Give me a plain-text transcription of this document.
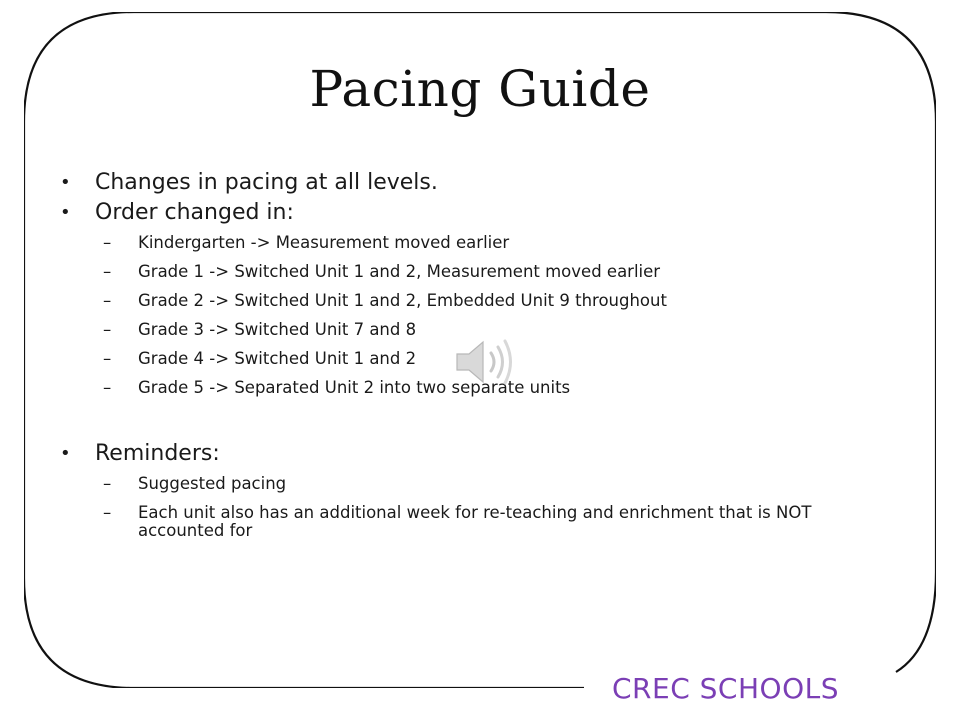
Pacing Guide

• Changes in pacing at all levels.

• Order changed in:

– Kindergarten -> Measurement moved earlier

– Grade 1 -> Switched Unit 1 and 2, Measurement moved earlier

– Grade 2 -> Switched Unit 1 and 2, Embedded Unit 9 throughout

– Grade 3 -> Switched Unit 7 and 8

– Grade 4 -> Switched Unit 1 and 2

– Grade 5 -> Separated Unit 2 into two separate units

• Reminders:

– Suggested pacing

– Each unit also has an additional week for re-teaching and enrichment that is NOT accounted for

CREC SCHOOLS
